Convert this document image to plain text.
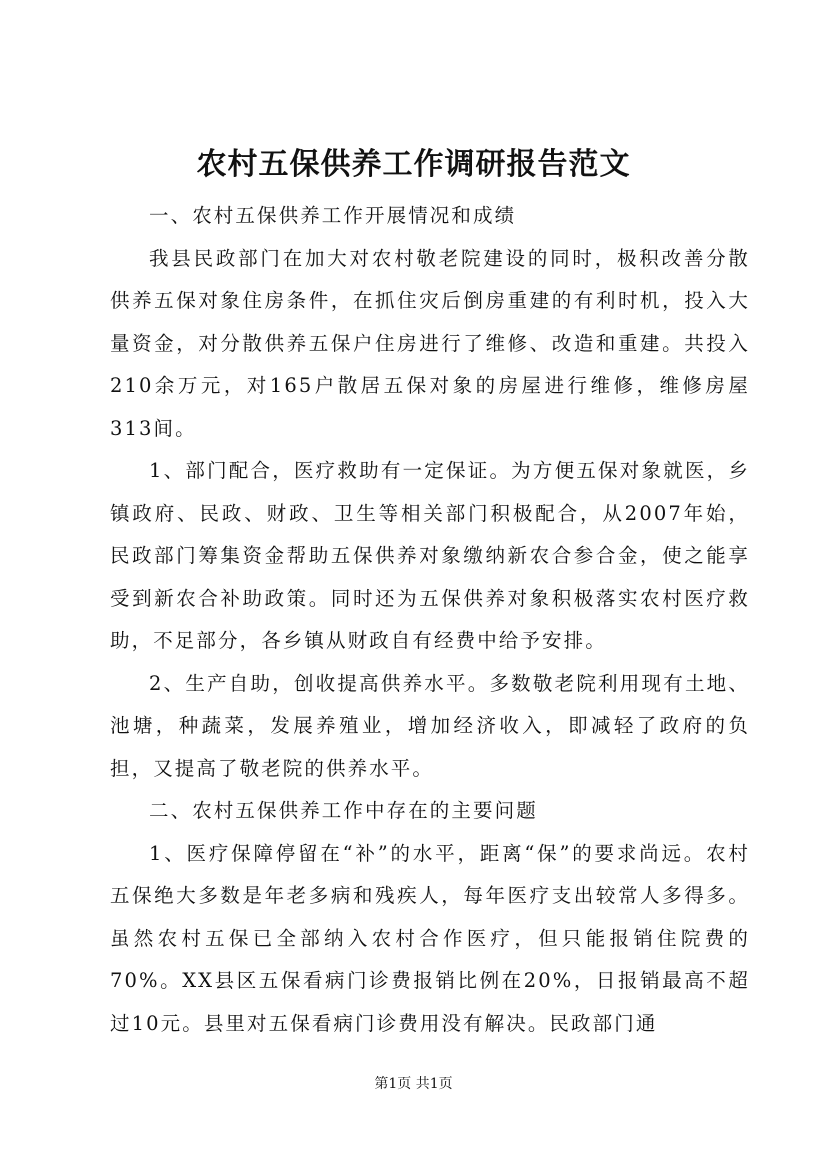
农村五保供养工作调研报告范文

一、农村五保供养工作开展情况和成绩

我县民政部门在加大对农村敬老院建设的同时，极积改善分散供养五保对象住房条件，在抓住灾后倒房重建的有利时机，投入大量资金，对分散供养五保户住房进行了维修、改造和重建。共投入210余万元，对165户散居五保对象的房屋进行维修，维修房屋313间。

1、部门配合，医疗救助有一定保证。为方便五保对象就医，乡镇政府、民政、财政、卫生等相关部门积极配合，从2007年始，民政部门筹集资金帮助五保供养对象缴纳新农合参合金，使之能享受到新农合补助政策。同时还为五保供养对象积极落实农村医疗救助，不足部分，各乡镇从财政自有经费中给予安排。

2、生产自助，创收提高供养水平。多数敬老院利用现有土地、池塘，种蔬菜，发展养殖业，增加经济收入，即减轻了政府的负担，又提高了敬老院的供养水平。

二、农村五保供养工作中存在的主要问题

1、医疗保障停留在“补”的水平，距离“保”的要求尚远。农村五保绝大多数是年老多病和残疾人，每年医疗支出较常人多得多。虽然农村五保已全部纳入农村合作医疗，但只能报销住院费的70%。XX县区五保看病门诊费报销比例在20%，日报销最高不超过10元。县里对五保看病门诊费用没有解决。民政部门通

第1页 共1页
